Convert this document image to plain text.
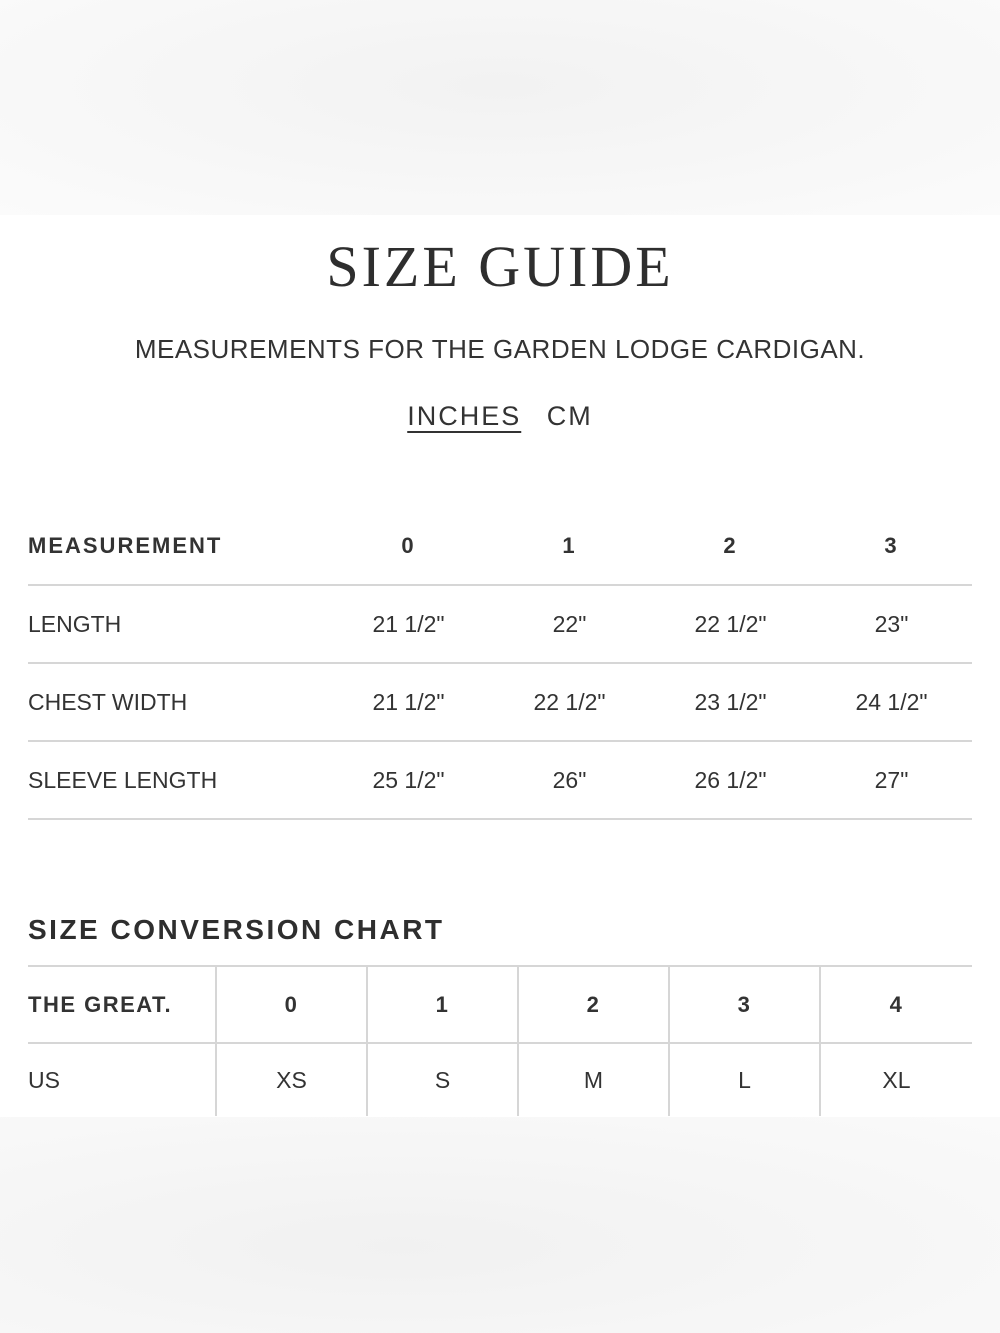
SIZE GUIDE
MEASUREMENTS FOR THE GARDEN LODGE CARDIGAN.
INCHES CM
MEASUREMENT	0	1	2	3
LENGTH	21 1/2"	22"	22 1/2"	23"
CHEST WIDTH	21 1/2"	22 1/2"	23 1/2"	24 1/2"
SLEEVE LENGTH	25 1/2"	26"	26 1/2"	27"
SIZE CONVERSION CHART
THE GREAT.	0	1	2	3	4
US	XS	S	M	L	XL
